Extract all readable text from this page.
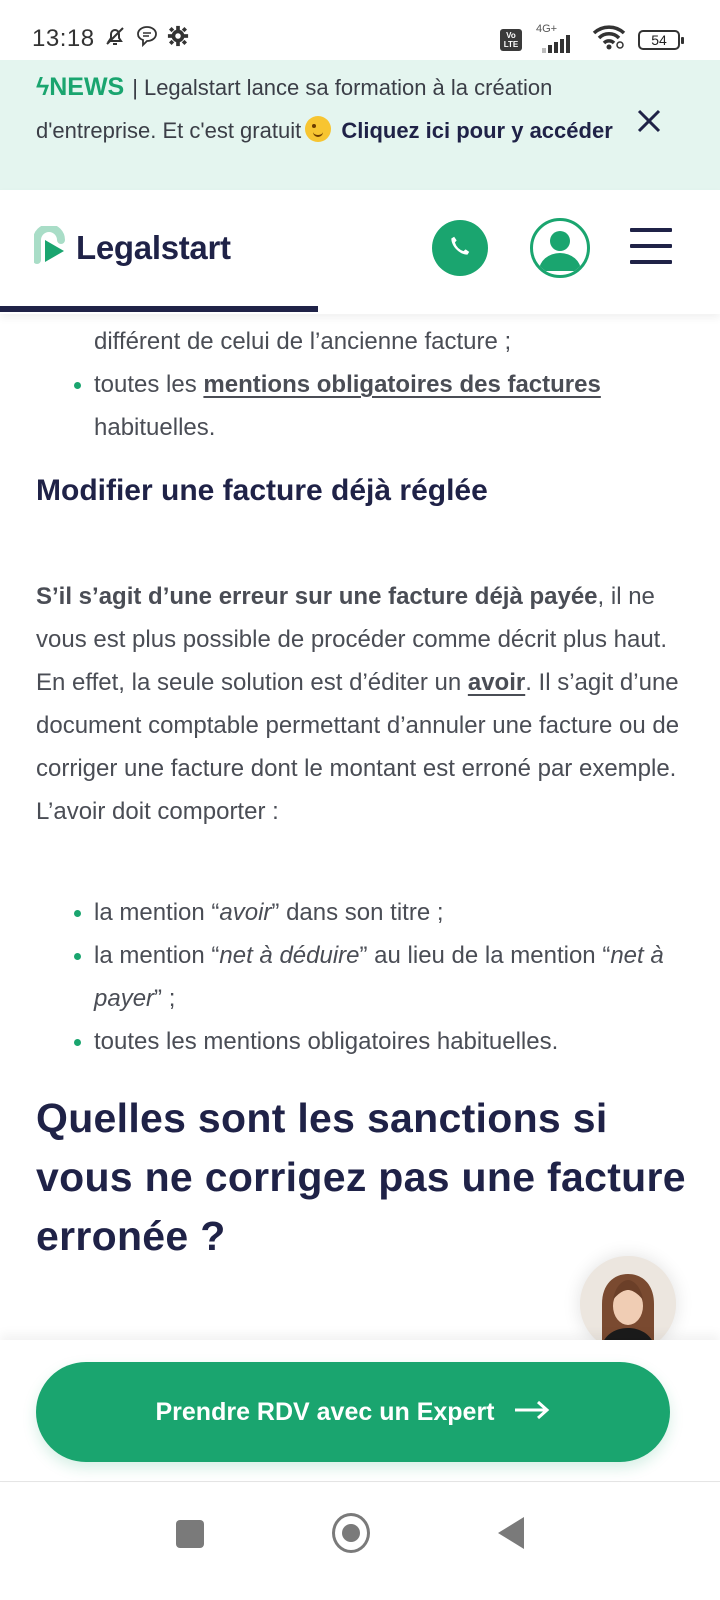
13:18	Vo LTE
4G+
54
ϟNEWS | Legalstart lance sa formation à la création d'entreprise. Et c'est gratuit Cliquez ici pour y accéder
Legalstart
différent de celui de l’ancienne facture ;
toutes les mentions obligatoires des factures habituelles.
Modifier une facture déjà réglée

S’il s’agit d’une erreur sur une facture déjà payée, il ne vous est plus possible de procéder comme décrit plus haut. En effet, la seule solution est d’éditer un avoir. Il s’agit d’une document comptable permettant d’annuler une facture ou de corriger une facture dont le montant est erroné par exemple. L’avoir doit comporter :

la mention “avoir” dans son titre ;
la mention “net à déduire” au lieu de la mention “net à payer” ;
toutes les mentions obligatoires habituelles.
Quelles sont les sanctions si vous ne corrigez pas une facture erronée ?
Prendre RDV avec un Expert
